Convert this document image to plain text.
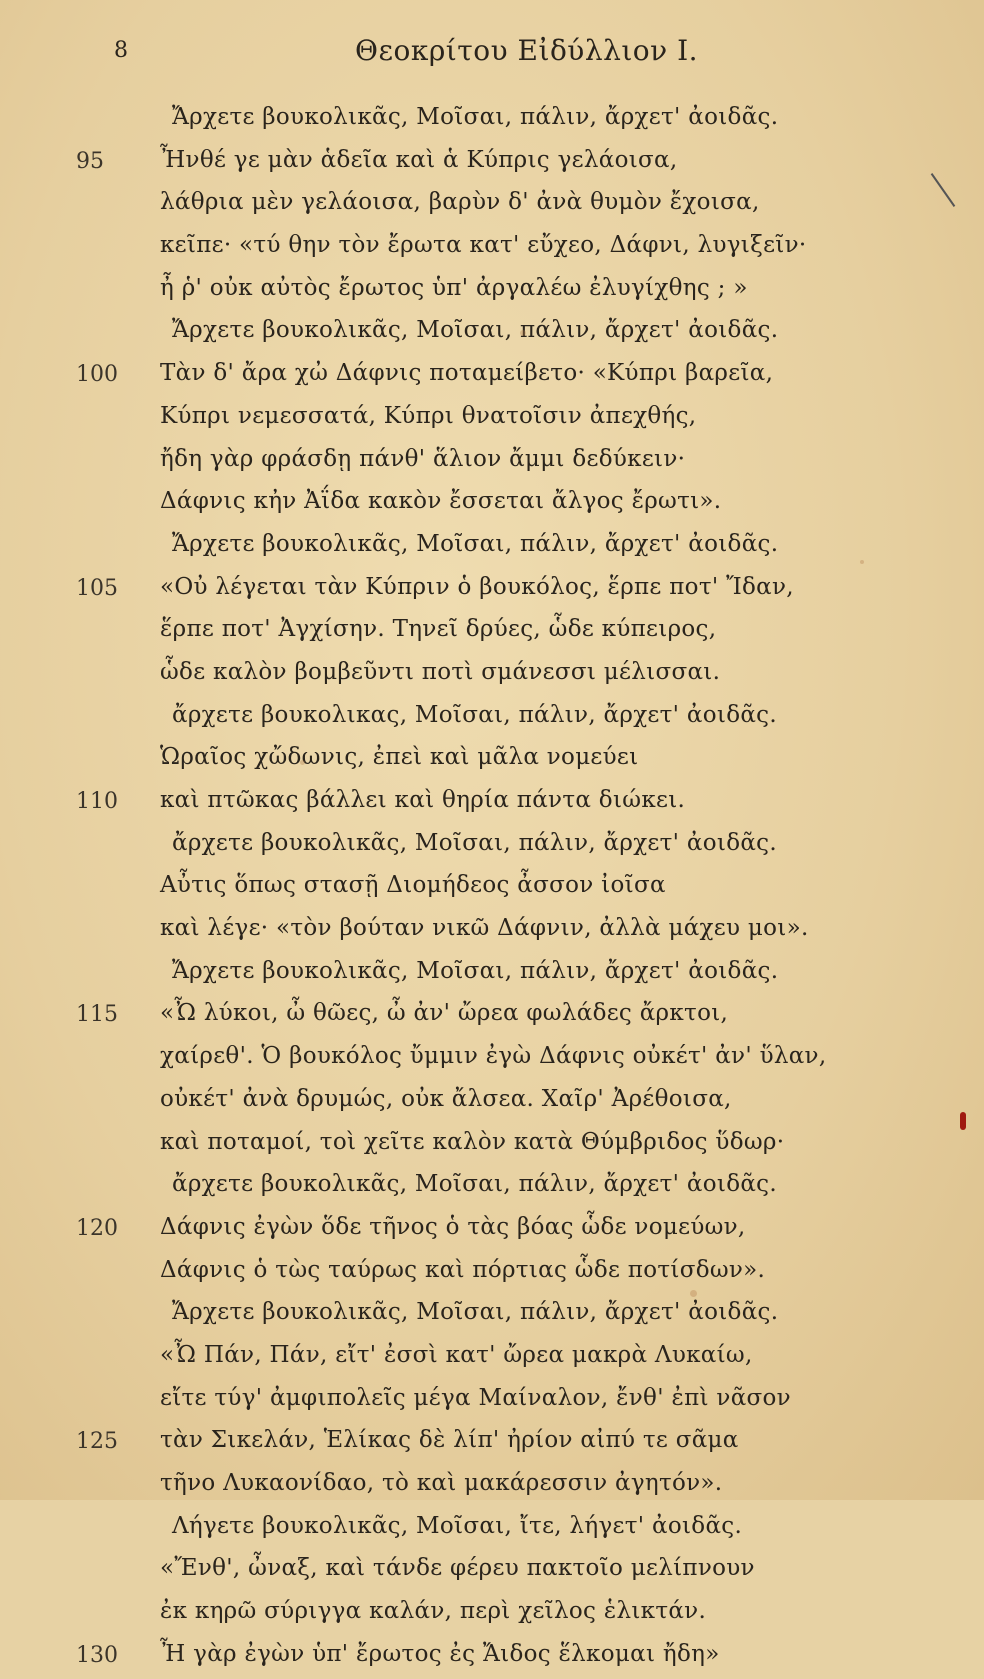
8	Θεοκρίτου Εἰδύλλιον Ι.
Ἄρχετε βουκολικᾶς, Μοῖσαι, πάλιν, ἄρχετ' ἀοιδᾶς.
95 Ἦνθέ γε μὰν ἁδεῖα καὶ ἁ Κύπρις γελάοισα,
λάθρια μὲν γελάοισα, βαρὺν δ' ἀνὰ θυμὸν ἔχοισα,
κεῖπε· «τύ θην τὸν ἔρωτα κατ' εὔχεο, Δάφνι, λυγιξεῖν·
ἦ ῥ' οὐκ αὐτὸς ἔρωτος ὑπ' ἀργαλέω ἐλυγίχθης ; »
Ἄρχετε βουκολικᾶς, Μοῖσαι, πάλιν, ἄρχετ' ἀοιδᾶς.
100 Τὰν δ' ἄρα χὠ Δάφνις ποταμείβετο· «Κύπρι βαρεῖα,
Κύπρι νεμεσσατά, Κύπρι θνατοῖσιν ἀπεχθής,
ἤδη γὰρ φράσδῃ πάνθ' ἅλιον ἄμμι δεδύκειν·
Δάφνις κἠν Ἀΐδα κακὸν ἔσσεται ἄλγος ἔρωτι».
Ἄρχετε βουκολικᾶς, Μοῖσαι, πάλιν, ἄρχετ' ἀοιδᾶς.
105 «Οὐ λέγεται τὰν Κύπριν ὁ βουκόλος, ἕρπε ποτ' Ἴδαν,
ἕρπε ποτ' Ἀγχίσην. Τηνεῖ δρύες, ὧδε κύπειρος,
ὧδε καλὸν βομβεῦντι ποτὶ σμάνεσσι μέλισσαι.
ἄρχετε βουκολικας, Μοῖσαι, πάλιν, ἄρχετ' ἀοιδᾶς.
Ὡραῖος χὤδωνις, ἐπεὶ καὶ μᾶλα νομεύει
110 καὶ πτῶκας βάλλει καὶ θηρία πάντα διώκει.
ἄρχετε βουκολικᾶς, Μοῖσαι, πάλιν, ἄρχετ' ἀοιδᾶς.
Αὖτις ὅπως στασῇ Διομήδεος ἆσσον ἰοῖσα
καὶ λέγε· «τὸν βούταν νικῶ Δάφνιν, ἀλλὰ μάχευ μοι».
Ἄρχετε βουκολικᾶς, Μοῖσαι, πάλιν, ἄρχετ' ἀοιδᾶς.
115 «Ὦ λύκοι, ὦ θῶες, ὦ ἀν' ὤρεα φωλάδες ἄρκτοι,
χαίρεθ'. Ὁ βουκόλος ὔμμιν ἐγὼ Δάφνις οὐκέτ' ἀν' ὕλαν,
οὐκέτ' ἀνὰ δρυμώς, οὐκ ἄλσεα. Χαῖρ' Ἀρέθοισα,
καὶ ποταμοί, τοὶ χεῖτε καλὸν κατὰ Θύμβριδος ὕδωρ·
ἄρχετε βουκολικᾶς, Μοῖσαι, πάλιν, ἄρχετ' ἀοιδᾶς.
120 Δάφνις ἐγὼν ὅδε τῆνος ὁ τὰς βόας ὧδε νομεύων,
Δάφνις ὁ τὼς ταύρως καὶ πόρτιας ὧδε ποτίσδων».
Ἄρχετε βουκολικᾶς, Μοῖσαι, πάλιν, ἄρχετ' ἀοιδᾶς.
«Ὦ Πάν, Πάν, εἴτ' ἐσσὶ κατ' ὤρεα μακρὰ Λυκαίω,
εἴτε τύγ' ἀμφιπολεῖς μέγα Μαίναλον, ἔνθ' ἐπὶ νᾶσον
125 τὰν Σικελάν, Ἑλίκας δὲ λίπ' ἠρίον αἰπύ τε σᾶμα
τῆνο Λυκαονίδαο, τὸ καὶ μακάρεσσιν ἀγητόν».
Λήγετε βουκολικᾶς, Μοῖσαι, ἴτε, λήγετ' ἀοιδᾶς.
«Ἔνθ', ὦναξ, καὶ τάνδε φέρευ πακτοῖο μελίπνουν
ἐκ κηρῶ σύριγγα καλάν, περὶ χεῖλος ἑλικτάν.
130 Ἦ γὰρ ἐγὼν ὑπ' ἔρωτος ἐς Ἄιδος ἕλκομαι ἤδη»
